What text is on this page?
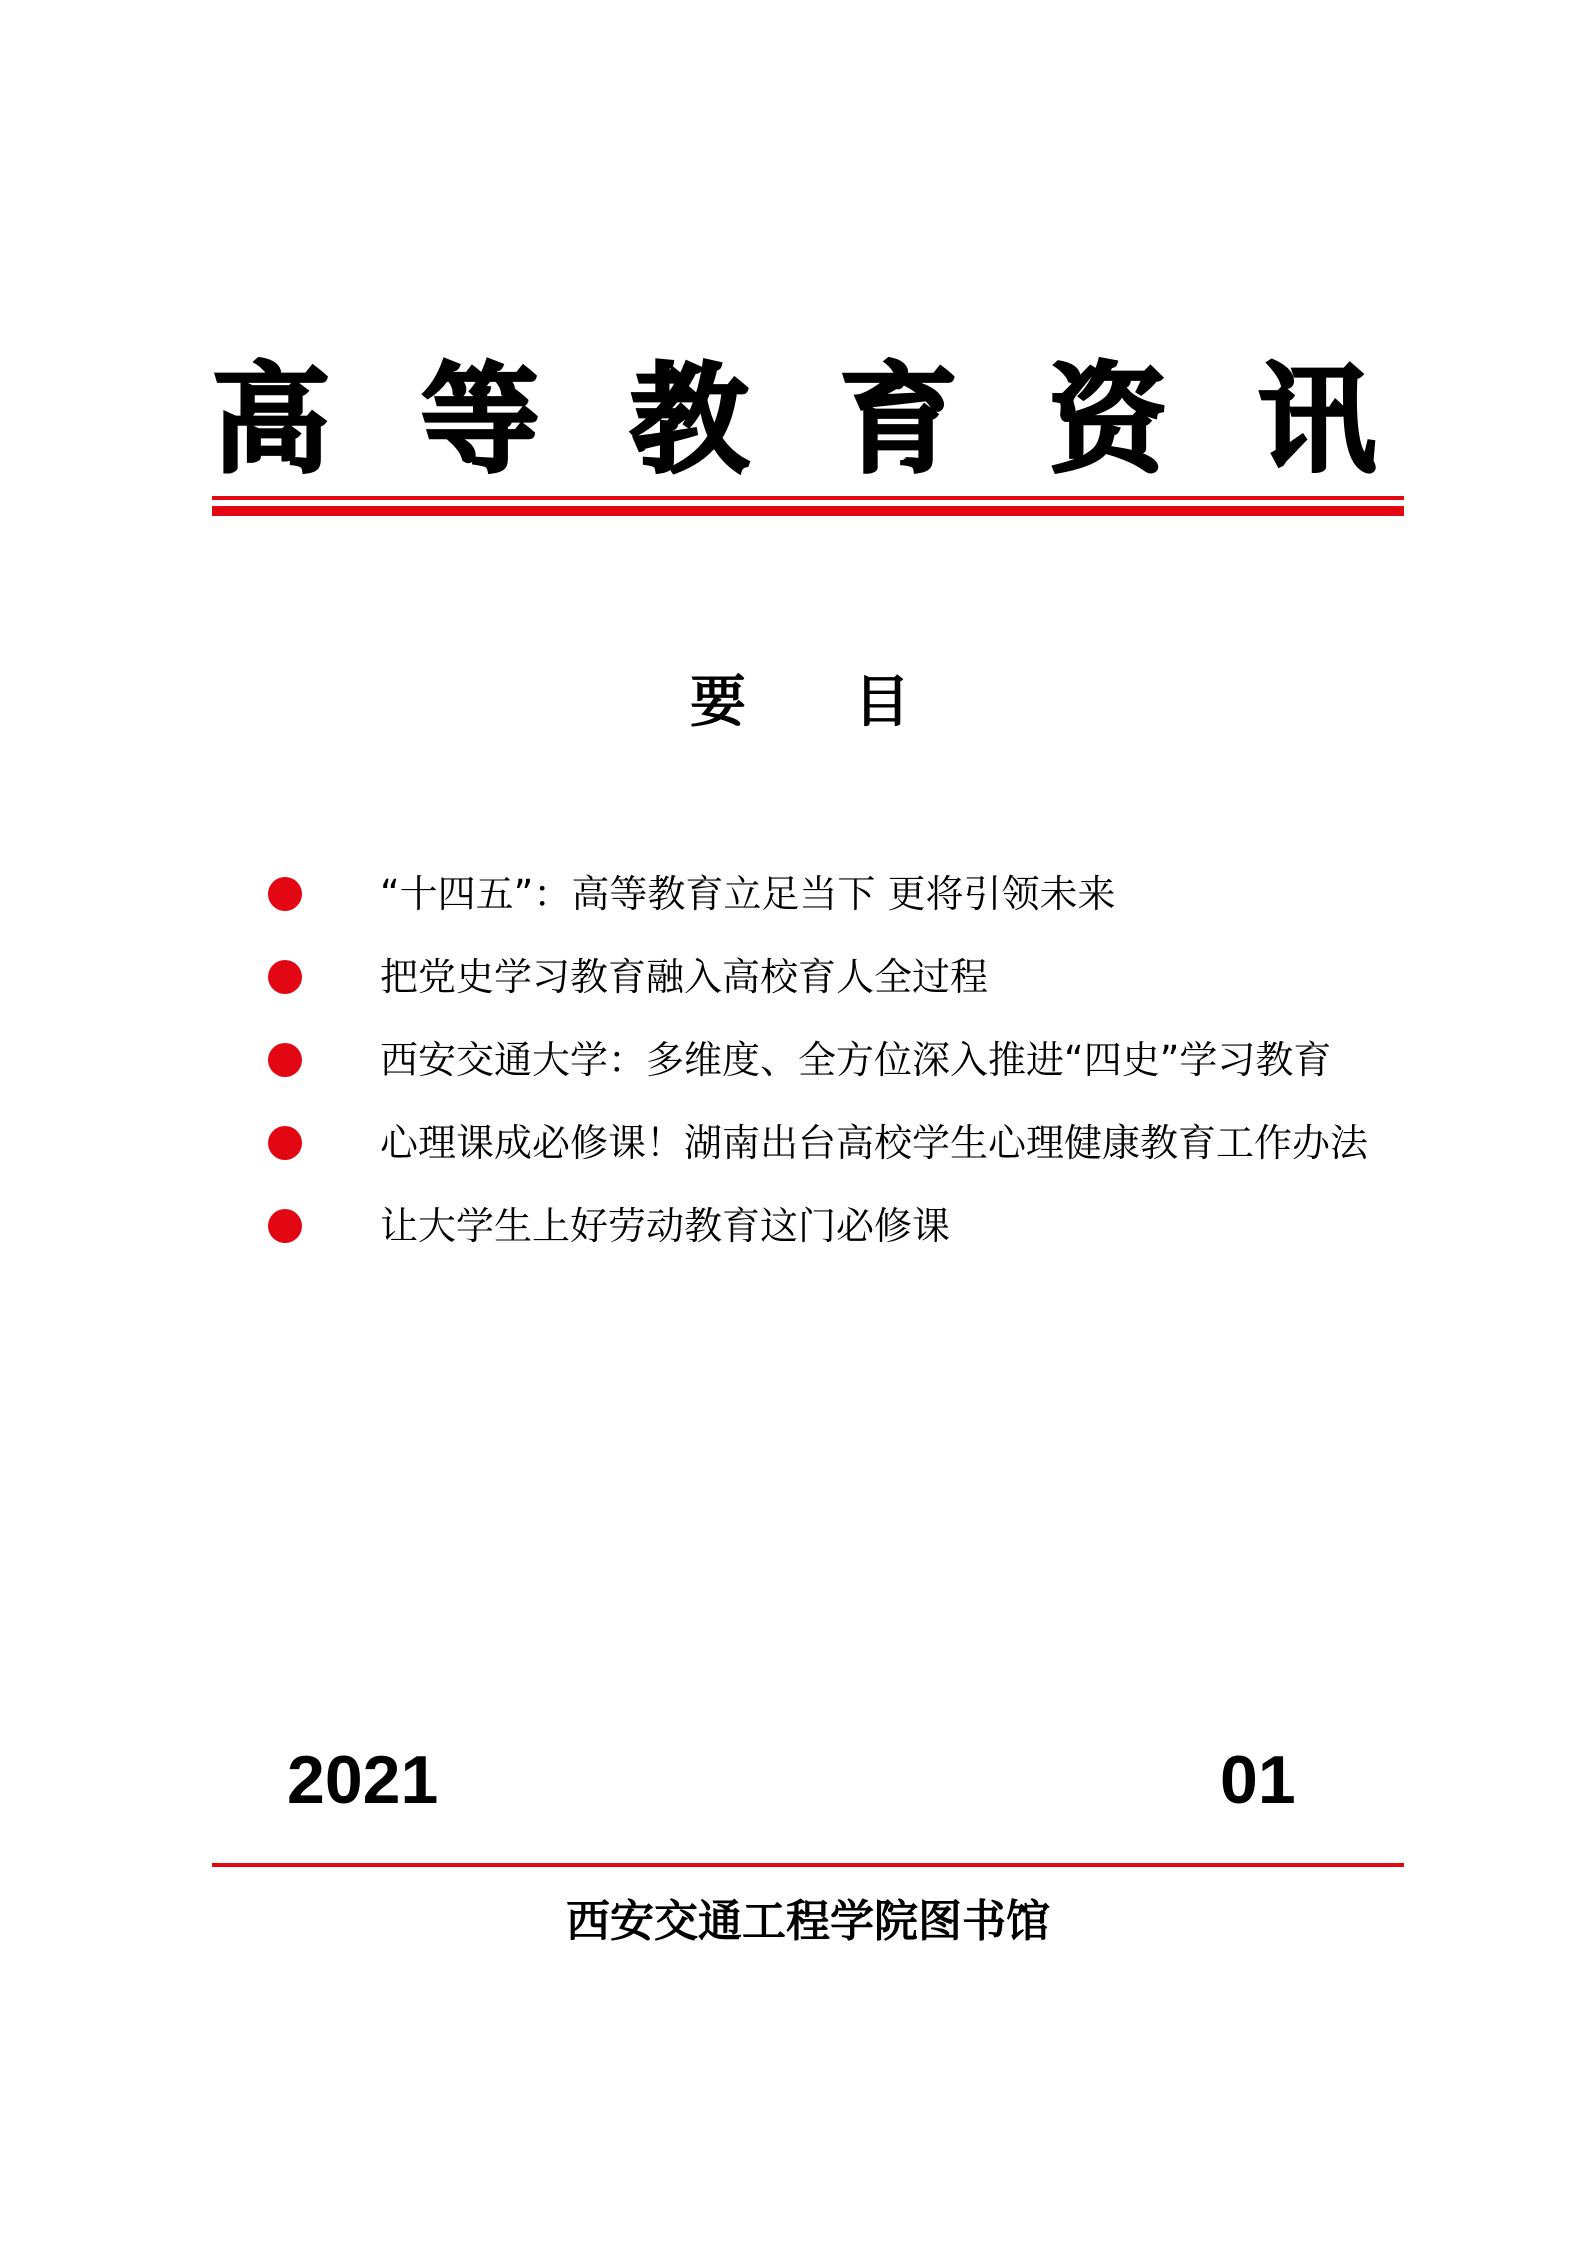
高 等 教 育 资 讯
要 目
“十四五”：高等教育立足当下 更将引领未来
把党史学习教育融入高校育人全过程
西安交通大学：多维度、全方位深入推进“四史”学习教育
心理课成必修课！湖南出台高校学生心理健康教育工作办法
让大学生上好劳动教育这门必修课
2021	01
西安交通工程学院图书馆
